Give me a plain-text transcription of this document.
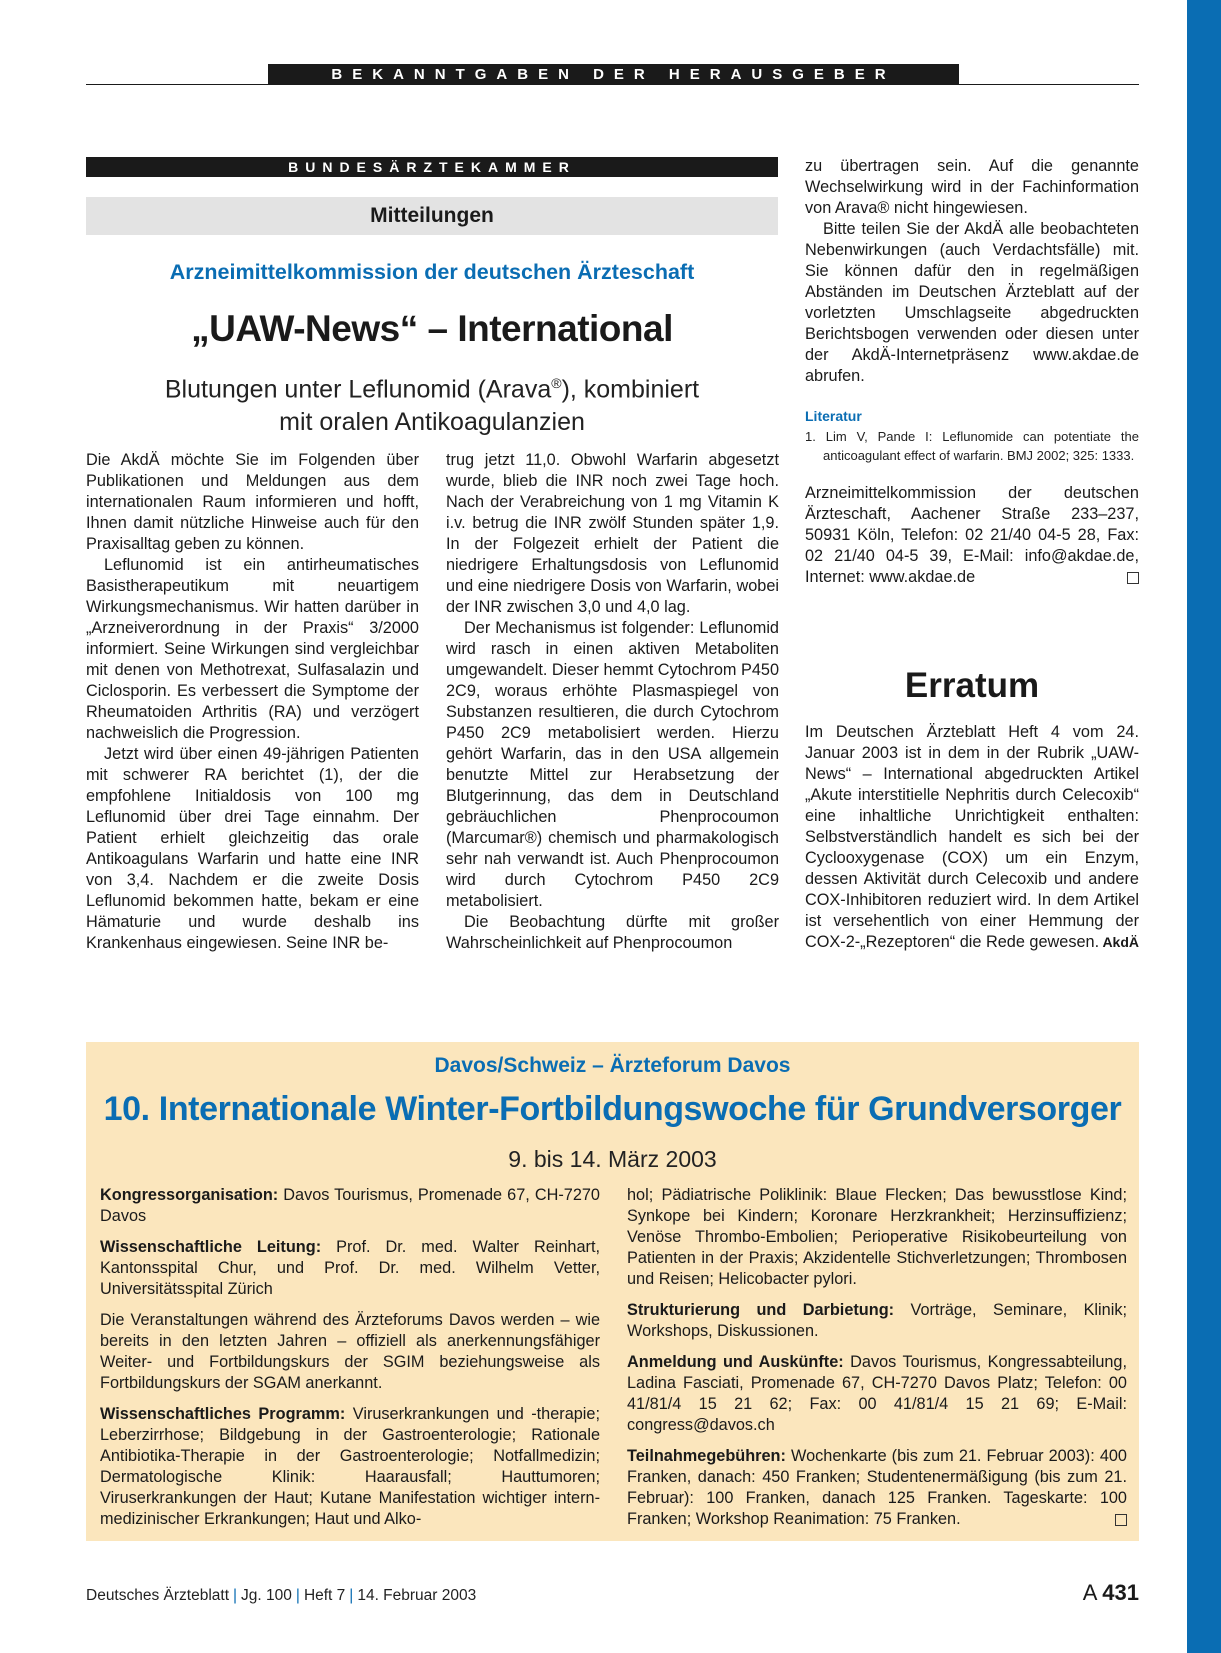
BEKANNTGABEN DER HERAUSGEBER
BUNDESÄRZTEKAMMER
Mitteilungen
Arzneimittelkommission der deutschen Ärzteschaft
„UAW-News“ – International
Blutungen unter Leflunomid (Arava®), kombiniert
mit oralen Antikoagulanzien

Die AkdÄ möchte Sie im Folgenden über Publikationen und Meldungen aus dem internationalen Raum informieren und hofft, Ihnen damit nützliche Hinweise auch für den Praxisalltag geben zu können.

Leflunomid ist ein antirheumatisches Basistherapeutikum mit neuartigem Wirkungsmechanismus. Wir hatten darüber in „Arzneiverordnung in der Praxis“ 3/2000 informiert. Seine Wirkungen sind vergleichbar mit denen von Methotrexat, Sulfasalazin und Ciclosporin. Es verbessert die Symptome der Rheumatoiden Arthritis (RA) und verzögert nachweislich die Progression.

Jetzt wird über einen 49-jährigen Patienten mit schwerer RA berichtet (1), der die empfohlene Initialdosis von 100 mg Leflunomid über drei Tage einnahm. Der Patient erhielt gleichzeitig das orale Antikoagulans Warfarin und hatte eine INR von 3,4. Nachdem er die zweite Dosis Leflunomid bekommen hatte, bekam er eine Hämaturie und wurde deshalb ins Krankenhaus eingewiesen. Seine INR be-

trug jetzt 11,0. Obwohl Warfarin abgesetzt wurde, blieb die INR noch zwei Tage hoch. Nach der Verabreichung von 1 mg Vitamin K i.v. betrug die INR zwölf Stunden später 1,9. In der Folgezeit erhielt der Patient die niedrigere Erhaltungsdosis von Leflunomid und eine niedrigere Dosis von Warfarin, wobei der INR zwischen 3,0 und 4,0 lag.

Der Mechanismus ist folgender: Leflunomid wird rasch in einen aktiven Metaboliten umgewandelt. Dieser hemmt Cytochrom P450 2C9, woraus erhöhte Plasmaspiegel von Substanzen resultieren, die durch Cytochrom P450 2C9 metabolisiert werden. Hierzu gehört Warfarin, das in den USA allgemein benutzte Mittel zur Herabsetzung der Blutgerinnung, das dem in Deutschland gebräuchlichen Phenprocoumon (Marcumar®) chemisch und pharmakologisch sehr nah verwandt ist. Auch Phenprocoumon wird durch Cytochrom P450 2C9 metabolisiert.

Die Beobachtung dürfte mit großer Wahrscheinlichkeit auf Phenprocoumon

zu übertragen sein. Auf die genannte Wechselwirkung wird in der Fachinformation von Arava® nicht hingewiesen.

Bitte teilen Sie der AkdÄ alle beobachteten Nebenwirkungen (auch Verdachtsfälle) mit. Sie können dafür den in regelmäßigen Abständen im Deutschen Ärzteblatt auf der vorletzten Umschlagseite abgedruckten Berichtsbogen verwenden oder diesen unter der AkdÄ-Internetpräsenz www.akdae.de abrufen.

Literatur
1. Lim V, Pande I: Leflunomide can potentiate the anticoagulant effect of warfarin. BMJ 2002; 325: 1333.

Arzneimittelkommission der deutschen Ärzteschaft, Aachener Straße 233–237, 50931 Köln, Telefon: 02 21/40 04-5 28, Fax: 02 21/40 04-5 39, E-Mail: info@akdae.de, Internet: www.akdae.de

Erratum

Im Deutschen Ärzteblatt Heft 4 vom 24. Januar 2003 ist in dem in der Rubrik „UAW-News“ – International abgedruckten Artikel „Akute interstitielle Nephritis durch Celecoxib“ eine inhaltliche Unrichtigkeit enthalten: Selbstverständlich handelt es sich bei der Cyclooxygenase (COX) um ein Enzym, dessen Aktivität durch Celecoxib und andere COX-Inhibitoren reduziert wird. In dem Artikel ist versehentlich von einer Hemmung der COX-2-„Rezeptoren“ die Rede gewesen. AkdÄ

Davos/Schweiz – Ärzteforum Davos
10. Internationale Winter-Fortbildungswoche für Grundversorger
9. bis 14. März 2003

Kongressorganisation: Davos Tourismus, Promenade 67, CH-7270 Davos

Wissenschaftliche Leitung: Prof. Dr. med. Walter Reinhart, Kantonsspital Chur, und Prof. Dr. med. Wilhelm Vetter, Universitätsspital Zürich

Die Veranstaltungen während des Ärzteforums Davos werden – wie bereits in den letzten Jahren – offiziell als anerkennungsfähiger Weiter- und Fortbildungskurs der SGIM beziehungsweise als Fortbildungskurs der SGAM anerkannt.

Wissenschaftliches Programm: Viruserkrankungen und -therapie; Leberzirrhose; Bildgebung in der Gastroenterologie; Rationale Antibiotika-Therapie in der Gastroenterologie; Notfallmedizin; Dermatologische Klinik: Haarausfall; Hauttumoren; Viruserkrankungen der Haut; Kutane Manifestation wichtiger intern-medizinischer Erkrankungen; Haut und Alko-

hol; Pädiatrische Poliklinik: Blaue Flecken; Das bewusstlose Kind; Synkope bei Kindern; Koronare Herzkrankheit; Herzinsuffizienz; Venöse Thrombo-Embolien; Perioperative Risikobeurteilung von Patienten in der Praxis; Akzidentelle Stichverletzungen; Thrombosen und Reisen; Helicobacter pylori.

Strukturierung und Darbietung: Vorträge, Seminare, Klinik; Workshops, Diskussionen.

Anmeldung und Auskünfte: Davos Tourismus, Kongressabteilung, Ladina Fasciati, Promenade 67, CH-7270 Davos Platz; Telefon: 00 41/81/4 15 21 62; Fax: 00 41/81/4 15 21 69; E-Mail: congress@davos.ch

Teilnahmegebühren: Wochenkarte (bis zum 21. Februar 2003): 400 Franken, danach: 450 Franken; Studentenermäßigung (bis zum 21. Februar): 100 Franken, danach 125 Franken. Tageskarte: 100 Franken; Workshop Reanimation: 75 Franken.

Deutsches Ärzteblatt | Jg. 100 | Heft 7 | 14. Februar 2003	A 431
